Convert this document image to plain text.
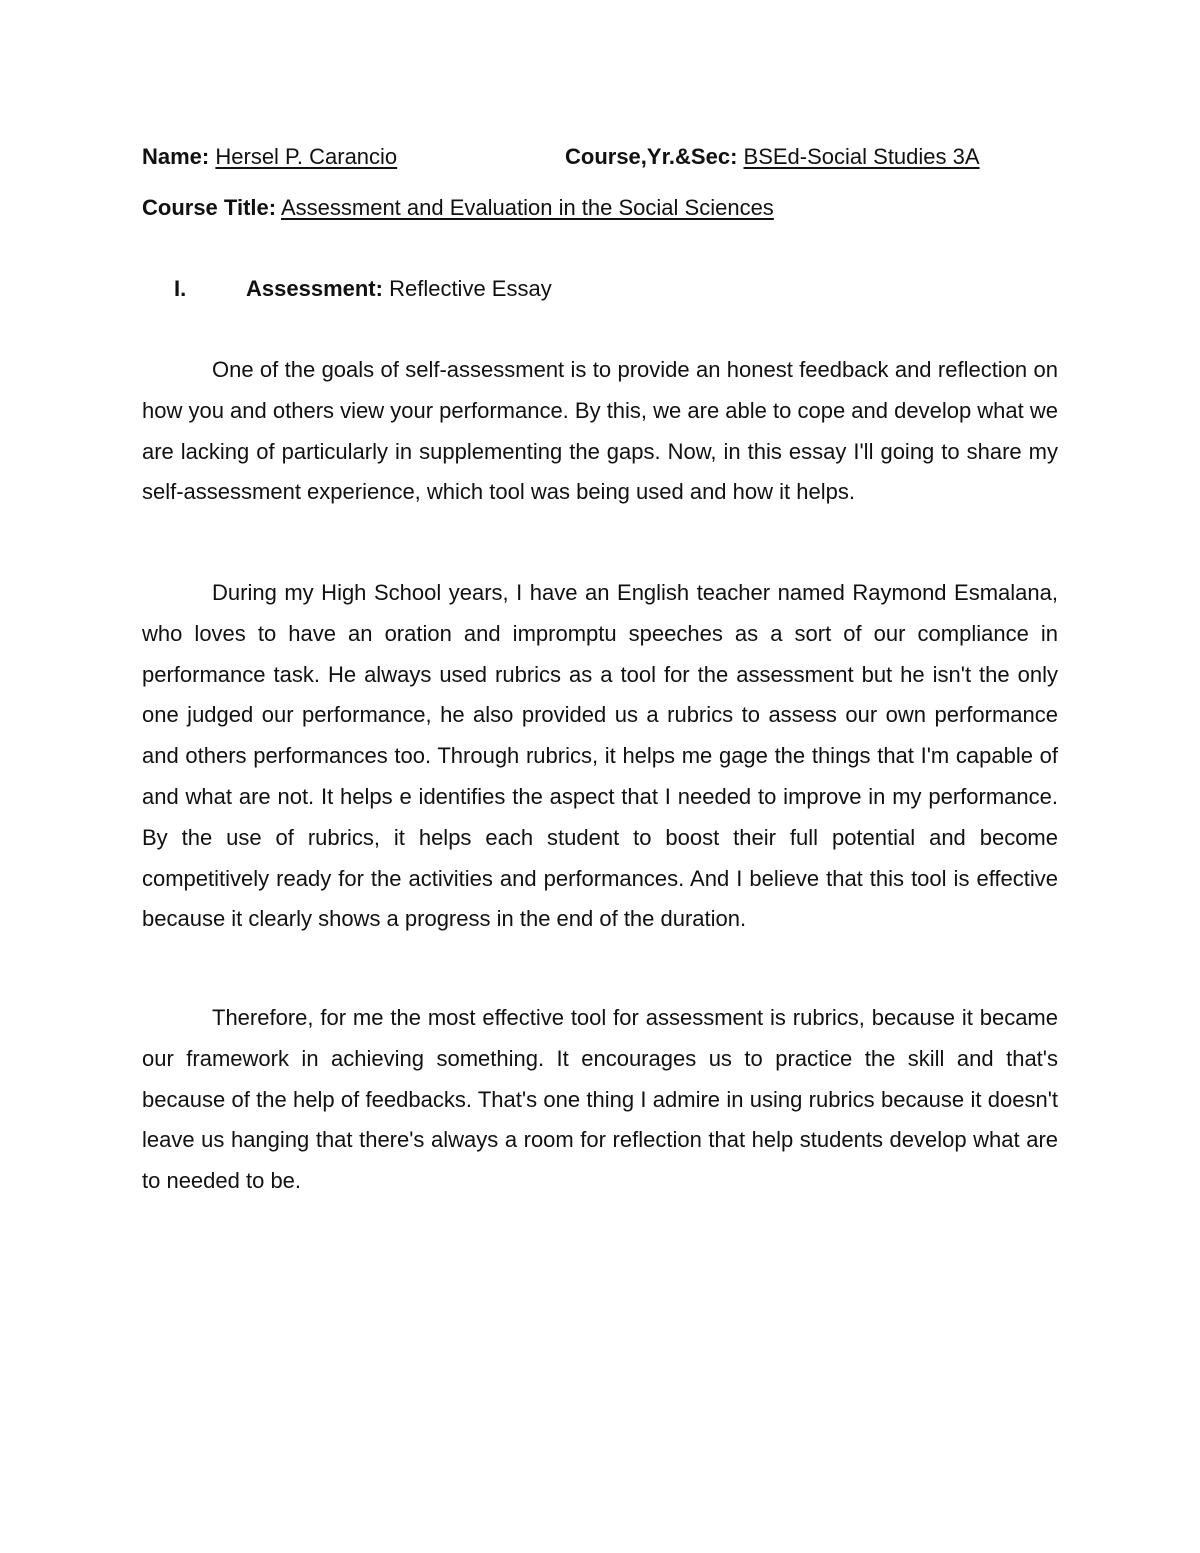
Name: Hersel P. Carancio	Course,Yr.&Sec: BSEd-Social Studies 3A
Course Title: Assessment and Evaluation in the Social Sciences
I.	Assessment: Reflective Essay

One of the goals of self-assessment is to provide an honest feedback and reflection on how you and others view your performance. By this, we are able to cope and develop what we are lacking of particularly in supplementing the gaps. Now, in this essay I'll going to share my self-assessment experience, which tool was being used and how it helps.

During my High School years, I have an English teacher named Raymond Esmalana, who loves to have an oration and impromptu speeches as a sort of our compliance in performance task. He always used rubrics as a tool for the assessment but he isn't the only one judged our performance, he also provided us a rubrics to assess our own performance and others performances too. Through rubrics, it helps me gage the things that I'm capable of and what are not. It helps e identifies the aspect that I needed to improve in my performance. By the use of rubrics, it helps each student to boost their full potential and become competitively ready for the activities and performances. And I believe that this tool is effective because it clearly shows a progress in the end of the duration.

Therefore, for me the most effective tool for assessment is rubrics, because it became our framework in achieving something. It encourages us to practice the skill and that's because of the help of feedbacks. That's one thing I admire in using rubrics because it doesn't leave us hanging that there's always a room for reflection that help students develop what are to needed to be.
